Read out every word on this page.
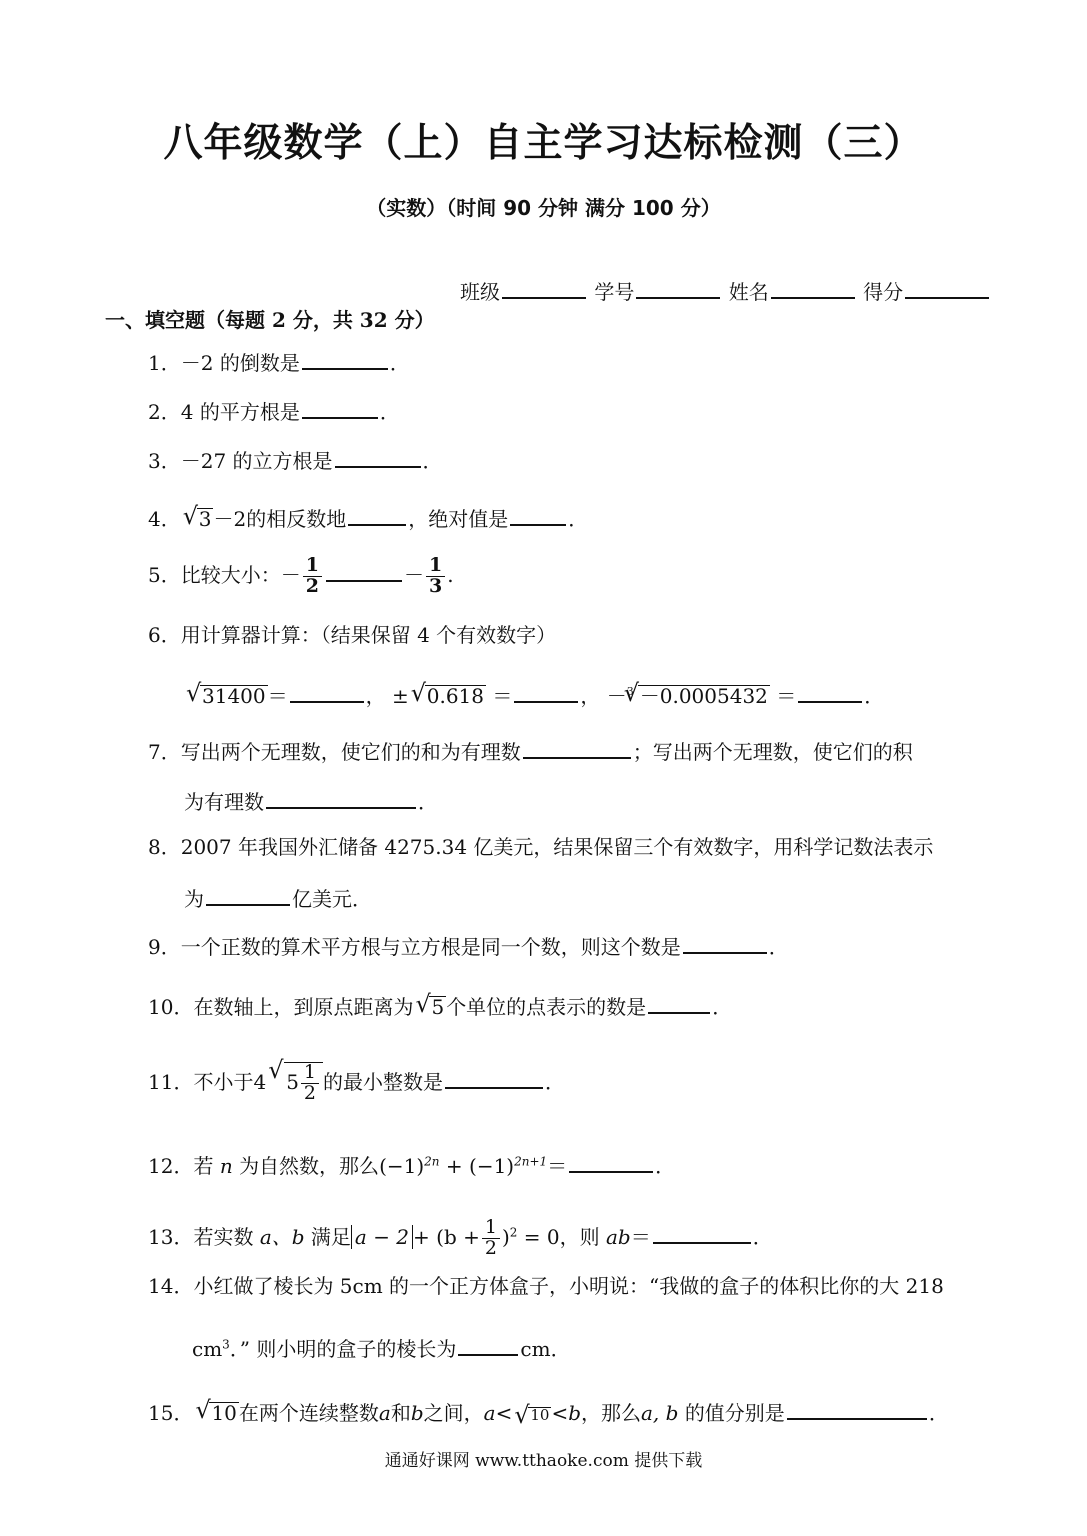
八年级数学（上）自主学习达标检测（三）
（实数）（时间 90 分钟 满分 100 分）
班级	学号	姓名	得分
一、填空题（每题 2 分，共 32 分）
1．－2 的倒数是	．
2．4 的平方根是	．
3．－27 的立方根是	．
4． √ 3 －2的相反数地	，绝对值是	．
5．比较大小：－ $\frac{1}{2}$	－ $\frac{1}{3}$ .
6．用计算器计算：（结果保留 4 个有效数字）
√ 31400 ＝	， ± √ 0.618 ＝	， －$^3$ √ －0.0005432 ＝	．
7．写出两个无理数，使它们的和为有理数	；写出两个无理数，使它们的积
为有理数	．
8．2007 年我国外汇储备 4275.34 亿美元，结果保留三个有效数字，用科学记数法表示
为	亿美元．
9．一个正数的算术平方根与立方根是同一个数，则这个数是	．
10．在数轴上，到原点距离为 √ 5 个单位的点表示的数是	．
11．不小于4 √ $5 \frac{1}{2}$ 的最小整数是	．
12．若 n 为自然数，那么$(-1)^{2n} + (-1)^{2n+1}=$	．
13．若实数 a、b 满足 $a - 2 + (b + \frac{1}{2} )^2 = 0$，则 ab＝	．
14．小红做了棱长为 5cm 的一个正方体盒子，小明说：“我做的盒子的体积比你的大 218
$cm^3$．” 则小明的盒子的棱长为	cm．
15． √ 10 在两个连续整数a和b之间，a< √ 10 <b，那么a, b 的值分别是	．
通通好课网 www.tthaoke.com 提供下载
